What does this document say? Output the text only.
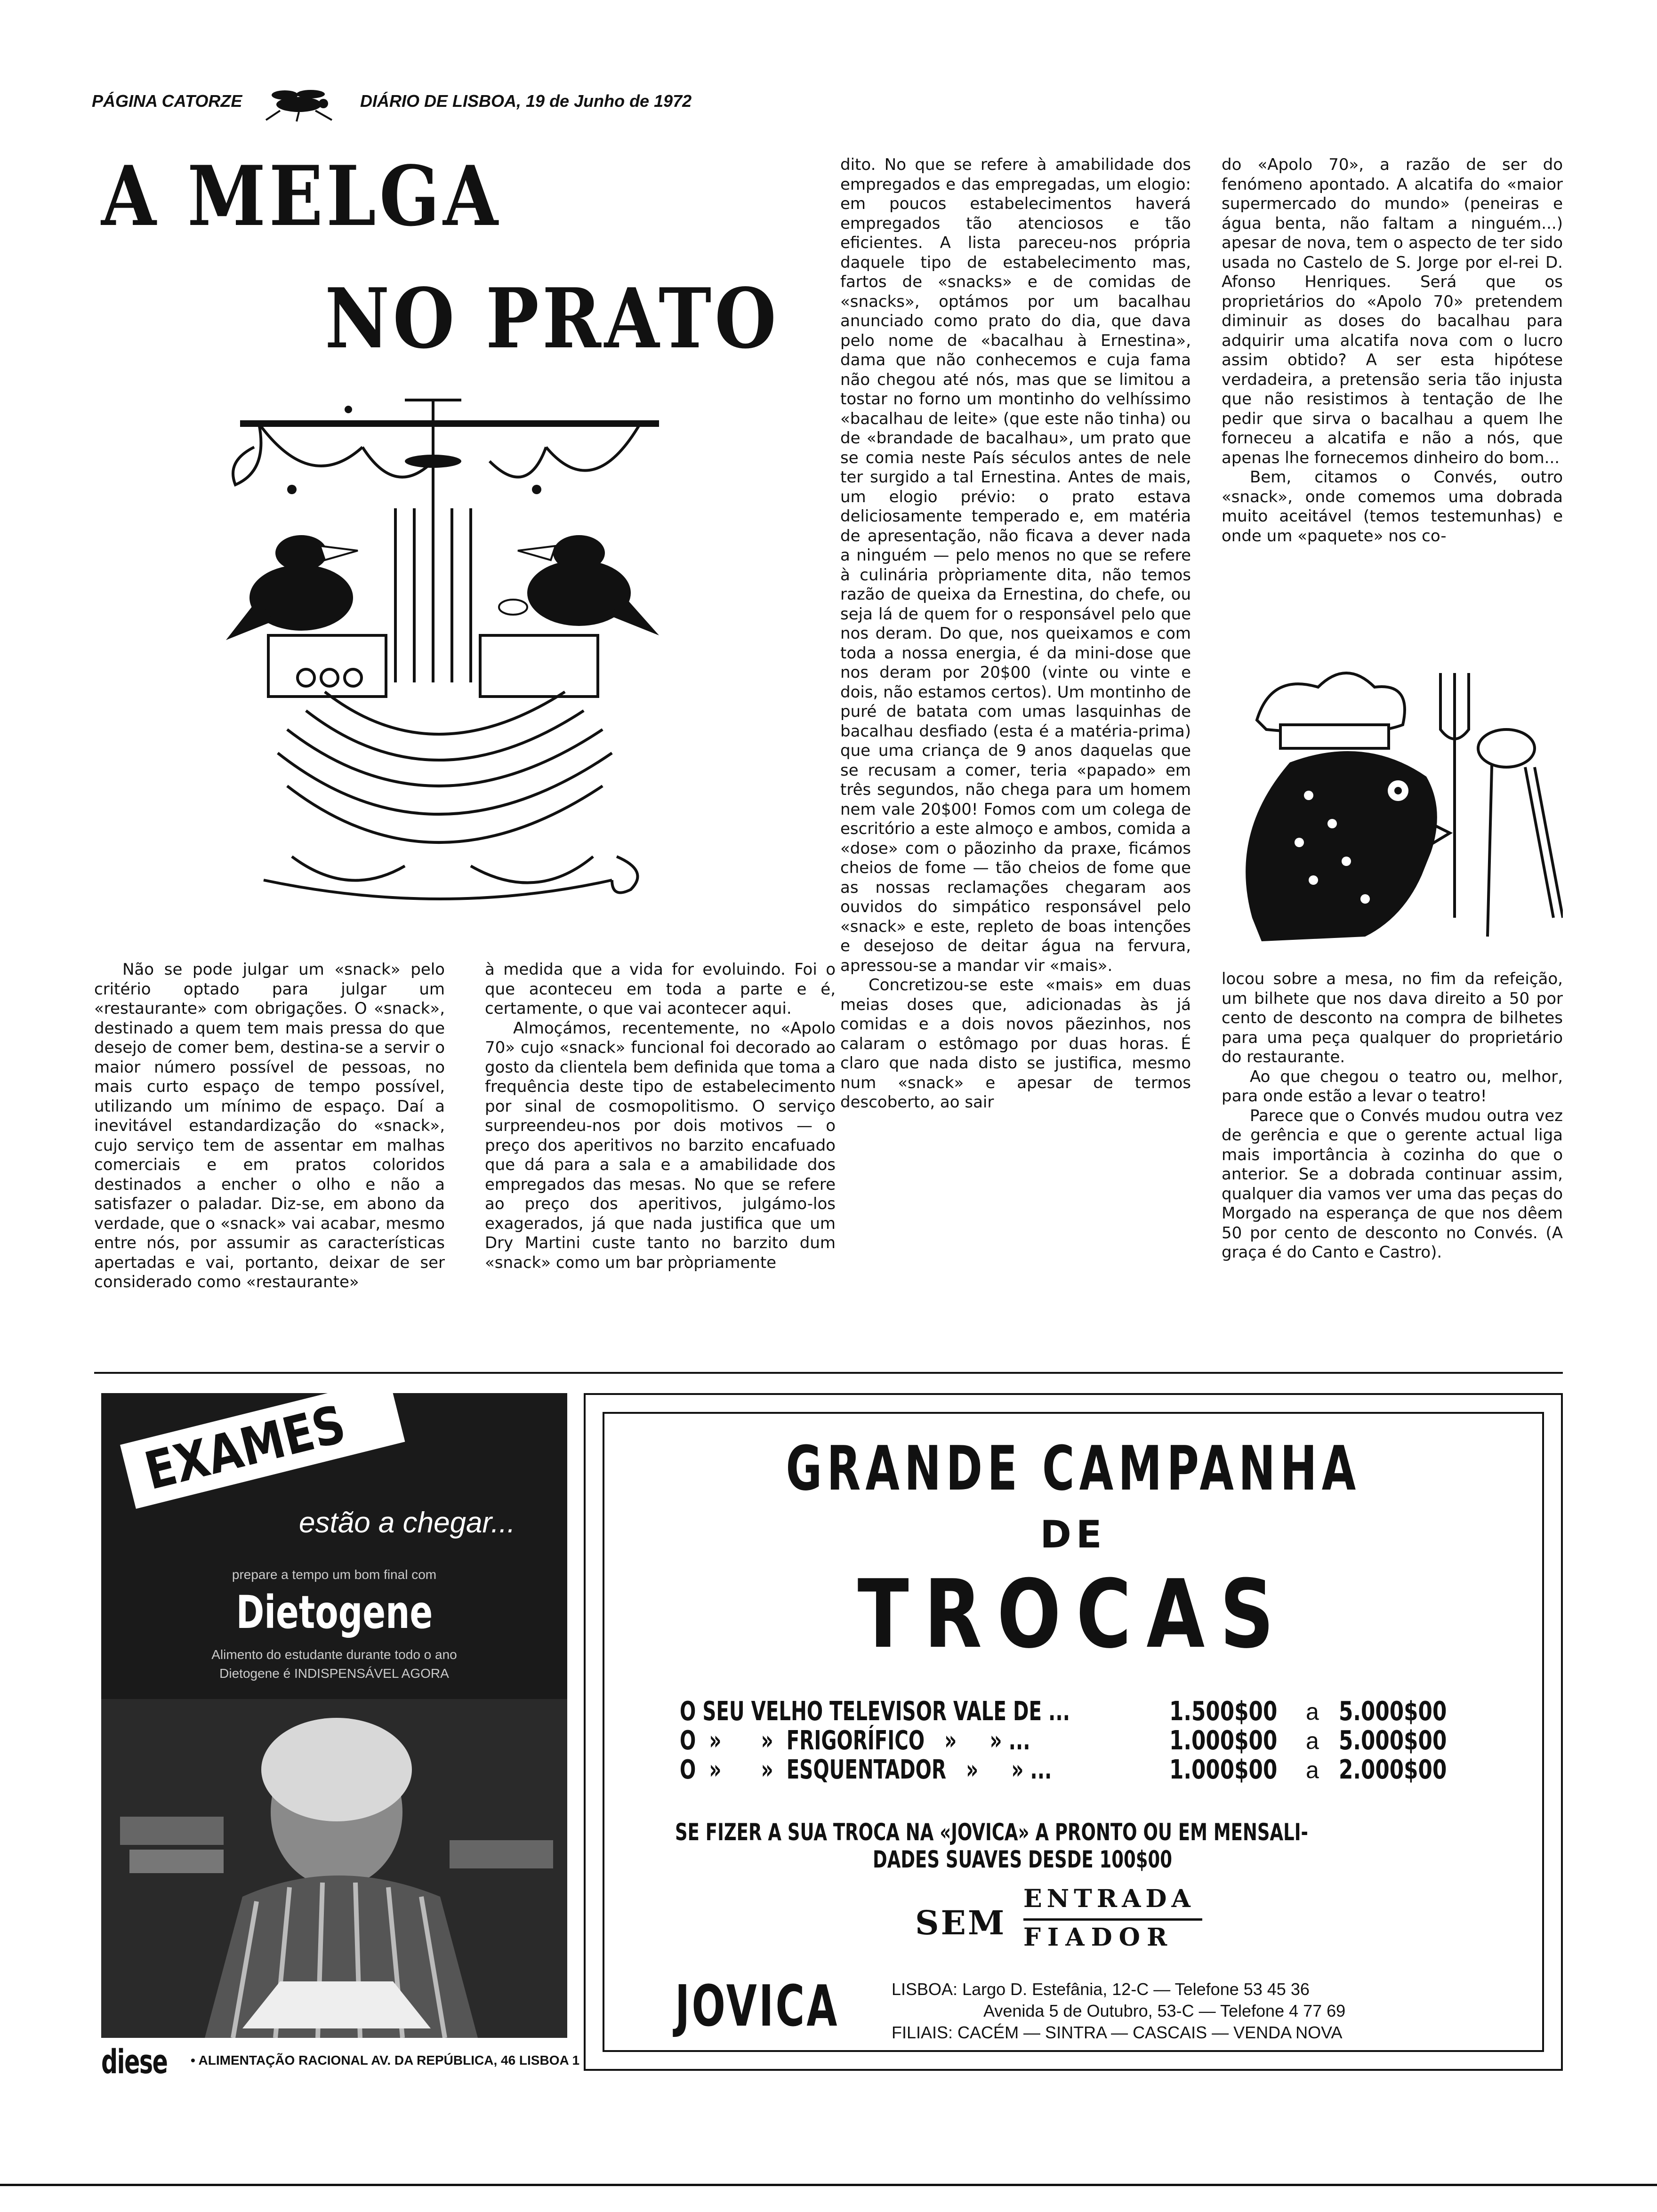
PÁGINA CATORZE	DIÁRIO DE LISBOA, 19 de Junho de 1972
A MELGA
NO PRATO

Não se pode julgar um «snack» pelo critério optado para julgar um «restaurante» com obrigações. O «snack», destinado a quem tem mais pressa do que desejo de comer bem, destina-se a servir o maior número possível de pessoas, no mais curto espaço de tempo possível, utilizando um mínimo de espaço. Daí a inevitável estandardização do «snack», cujo serviço tem de assentar em malhas comerciais e em pratos coloridos destinados a encher o olho e não a satisfazer o paladar. Diz-se, em abono da verdade, que o «snack» vai acabar, mesmo entre nós, por assumir as características apertadas e vai, portanto, deixar de ser considerado como «restaurante»

à medida que a vida for evoluindo. Foi o que aconteceu em toda a parte e é, certamente, o que vai acontecer aqui.

Almoçámos, recentemente, no «Apolo 70» cujo «snack» funcional foi decorado ao gosto da clientela bem definida que toma a frequência deste tipo de estabelecimento por sinal de cosmopolitismo. O serviço surpreendeu-nos por dois motivos — o preço dos aperitivos no barzito encafuado que dá para a sala e a amabilidade dos empregados das mesas. No que se refere ao preço dos aperitivos, julgámo-los exagerados, já que nada justifica que um Dry Martini custe tanto no barzito dum «snack» como um bar pròpriamente

dito. No que se refere à amabilidade dos empregados e das empregadas, um elogio: em poucos estabelecimentos haverá empregados tão atenciosos e tão eficientes. A lista pareceu-nos própria daquele tipo de estabelecimento mas, fartos de «snacks» e de comidas de «snacks», optámos por um bacalhau anunciado como prato do dia, que dava pelo nome de «bacalhau à Ernestina», dama que não conhecemos e cuja fama não chegou até nós, mas que se limitou a tostar no forno um montinho do velhíssimo «bacalhau de leite» (que este não tinha) ou de «brandade de bacalhau», um prato que se comia neste País séculos antes de nele ter surgido a tal Ernestina. Antes de mais, um elogio prévio: o prato estava deliciosamente temperado e, em matéria de apresentação, não ficava a dever nada a ninguém — pelo menos no que se refere à culinária pròpriamente dita, não temos razão de queixa da Ernestina, do chefe, ou seja lá de quem for o responsável pelo que nos deram. Do que, nos queixamos e com toda a nossa energia, é da mini-dose que nos deram por 20$00 (vinte ou vinte e dois, não estamos certos). Um montinho de puré de batata com umas lasquinhas de bacalhau desfiado (esta é a matéria-prima) que uma criança de 9 anos daquelas que se recusam a comer, teria «papado» em três segundos, não chega para um homem nem vale 20$00! Fomos com um colega de escritório a este almoço e ambos, comida a «dose» com o pãozinho da praxe, ficámos cheios de fome — tão cheios de fome que as nossas reclamações chegaram aos ouvidos do simpático responsável pelo «snack» e este, repleto de boas intenções e desejoso de deitar água na fervura, apressou-se a mandar vir «mais».

Concretizou-se este «mais» em duas meias doses que, adicionadas às já comidas e a dois novos pãezinhos, nos calaram o estômago por duas horas. É claro que nada disto se justifica, mesmo num «snack» e apesar de termos descoberto, ao sair

do «Apolo 70», a razão de ser do fenómeno apontado. A alcatifa do «maior supermercado do mundo» (peneiras e água benta, não faltam a ninguém...) apesar de nova, tem o aspecto de ter sido usada no Castelo de S. Jorge por el-rei D. Afonso Henriques. Será que os proprietários do «Apolo 70» pretendem diminuir as doses do bacalhau para adquirir uma alcatifa nova com o lucro assim obtido? A ser esta hipótese verdadeira, a pretensão seria tão injusta que não resistimos à tentação de lhe pedir que sirva o bacalhau a quem lhe forneceu a alcatifa e não a nós, que apenas lhe fornecemos dinheiro do bom...

Bem, citamos o Convés, outro «snack», onde comemos uma dobrada muito aceitável (temos testemunhas) e onde um «paquete» nos co-

locou sobre a mesa, no fim da refeição, um bilhete que nos dava direito a 50 por cento de desconto na compra de bilhetes para uma peça qualquer do proprietário do restaurante.

Ao que chegou o teatro ou, melhor, para onde estão a levar o teatro!

Parece que o Convés mudou outra vez de gerência e que o gerente actual liga mais importância à cozinha do que o anterior. Se a dobrada continuar assim, qualquer dia vamos ver uma das peças do Morgado na esperança de que nos dêem 50 por cento de desconto no Convés. (A graça é do Canto e Castro).

EXAMES
estão a chegar...
prepare a tempo um bom final com
Dietogene
Alimento do estudante durante todo o ano
Dietogene é INDISPENSÁVEL AGORA
diese • ALIMENTAÇÃO RACIONAL AV. DA REPÚBLICA, 46 LISBOA 1
GRANDE CAMPANHA
DE
TROCAS
O SEU VELHO TELEVISOR VALE DE ...	1.500$00 a 5.000$00
O  »      »  FRIGORÍFICO   »     » ...	1.000$00 a 5.000$00
O  »      »  ESQUENTADOR   »     » ...	1.000$00 a 2.000$00
SE FIZER A SUA TROCA NA «JOVICA» A PRONTO OU EM MENSALI-
DADES SUAVES DESDE 100$00
SEM
ENTRADA
FIADOR
JOVICA	LISBOA: Largo D. Estefânia, 12-C — Telefone 53 45 36
Avenida 5 de Outubro, 53-C — Telefone 4 77 69
FILIAIS: CACÉM — SINTRA — CASCAIS — VENDA NOVA
